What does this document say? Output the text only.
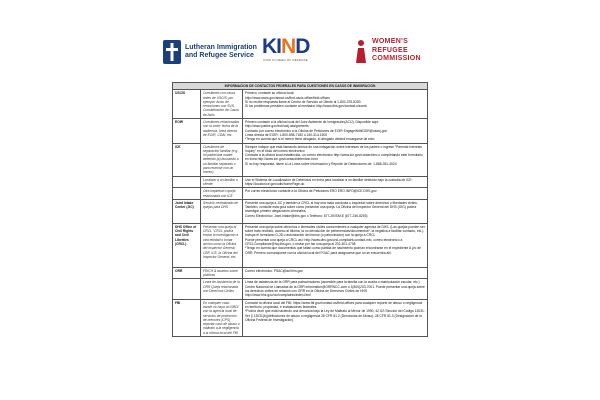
Lutheran Immigration
and Refugee Service KIND
KIDS IN NEED OF DEFENSE
WOMEN'S
REFUGEE
COMMISSION
INFORMACION DE CONTACTOS FEDERALES PARA CUESTIONES EN CASOS DE INMIGRACION		
USCIS	Cuestiones con casos antes de USCIS; por ejemplo: Aviso de remociones con SVS, Consideración de Casos de Asilo	Primero, contacte su oficina local:
http://www.uscis.gov/about-us/find-uscis-office/field-offices
Si no recibe respuesta llame al Centro de Servicio al Cliente al 1-800-375-5283
Si los problemas persisten contacte al mediador http://www.dhs.gov/contact-cisomb

EOIR	Cuestiones relacionadas con la corte: fecha de la audiencia, línea directa de EOIR, CDAI, etc.	Primero contacte a la oficina local del Juez Asistente de Inmigración(ACIJ). Disponible aquí:
http://www.justice.gov/eoir/acij-assignments
Contacto por correo electrónico a la Oficina de Peticiones de EOIR EngageWithEOIR@usdoj.gov
Línea directa de EOIR: 1-800-898-7180 o 240-314-1500
*Tengo en cuenta que si el menor tiene abogado, el abogado deberá encargarse de esto

ICE	Cuestiones de separación familiar (e.g., mi padre/una madre detenido (a) buscando a un familiar separado o para reunirse con un menor)	Siempre indique que está llamando acerca de una indagación sobre intereses de los padres o ingrese "Parental Interests Inquiry" en el título del correo electrónico
Contacte a la oficina local establecida, un correo electrónico http://www.ice.gov/contact/ero o complétando este formulario en línea http://www.ice.gov/contact/detention-form
Si no hay respuesta, llame a La Línea sobre Información y Reporte de Detenciones de: 1-888-351-4024

	Localizar a un familiar o cliente	Use el Sistema de Localización de Detenidos en línea para localizar a un familiar detenido bajo la custodia de ICE: https://locator.ice.gov/odls/homePage.do

	Otra inquietud o queja relacionada con ICE	Por correo electrónico contacte a la Oficina de Peticiones ERO ERO.INFO@ICE.DHS.gov

Joint Intake Center (JIC)	Servicio centralizado de quejas para DHS	Presente una queja a JIC y también a CRCL si hay una mala conducta o inquietud sobre derechos o libertades civiles. También, consulte esta guía sobre cómo presentar una queja. La Oficina del Inspector General del DHS (OIG) podría investigar primero alegaciones criminales.
Correo Electrónico: Joint.Intake@dhs.gov o Teléfono: 877-2INTAKE (877-246-8253)

DHS Office of Civil Rights and Civil Liberties (CRCL)	Presentar una queja al CRCL "CRCL podría enviar la investigación a otra entidad o tomar acción como la Oficina del Inspector General, CBP, ICE, la Oficina del Inspector General, etc.	Presente una queja sobre derechos o libertades civiles concernientes a cualquier agencia de DHS. (Las quejas pueden ser sobre trato recibido, acceso al idioma, la no devolución de pertenencias/documentos*, la negativa a facilitar contacto, etc.).
Incluya el formulario G-28 o autorización del menor (o patrocinador) con la queja a CRCL
Puede presentar una queja a CRCL así: http://www.dhs.gov/crcl-complaint-contact-info, correo electrónico a CRCLCompliance@hq.dhs.gov, o enviar por fax una queja al 202-401-4708
*Tengo en cuenta que documentos que faltan como partida de nacimiento podrían encontrarse en el expediente A y/o de ORR. Primero comuníquese con la oficina local del FOAC para asegurarse que no se encuentra allí.

ORR	FRICH & asuntos sobre políticas	Correo electrónico: PSAC@acf.hhs.gov

	Línea de Asistencia de la ORR Queja relacionada con Derechos Civiles	Línea de asistencia de la ORR para patrocinadores (accesible para la familia con la cuarta o matriculación escolar, etc.) Centro Nacional de Llamadas de la ORR information@ORRNCC.com o 1(800)203-7001. Puede presentar una queja sobre los derechos civiles en relación con ORR en la Oficina de Derechos Civiles de HHS http://www.hhs.gov/ocr/complaints/index.html

FBI	En cualquier caso, donde no haya un NRD/ con la agencia local de servicios de protección de menores (CPS) reportar caso de abuso o maltrato a la negligencia a la oficina local del FBI	Contacte la oficina local del FBI: https://www.fbi.gov/contact-us/field-offices para cualquier reporte de abuso o negligencia en territorio, propiedad, e instalaciones federales.
*Podría decir que está haciendo una denuncia bajo la Ley de Maltrato al Menor de 1990, 42 US Sección del Código 13031. Ver § 13031(b)(definiciones de abuso o negligencia 28 CFR 81.2 (Denuncias de Abuso), 28 CFR 81.3 (Designación de la Oficina Federal de Investigación).
